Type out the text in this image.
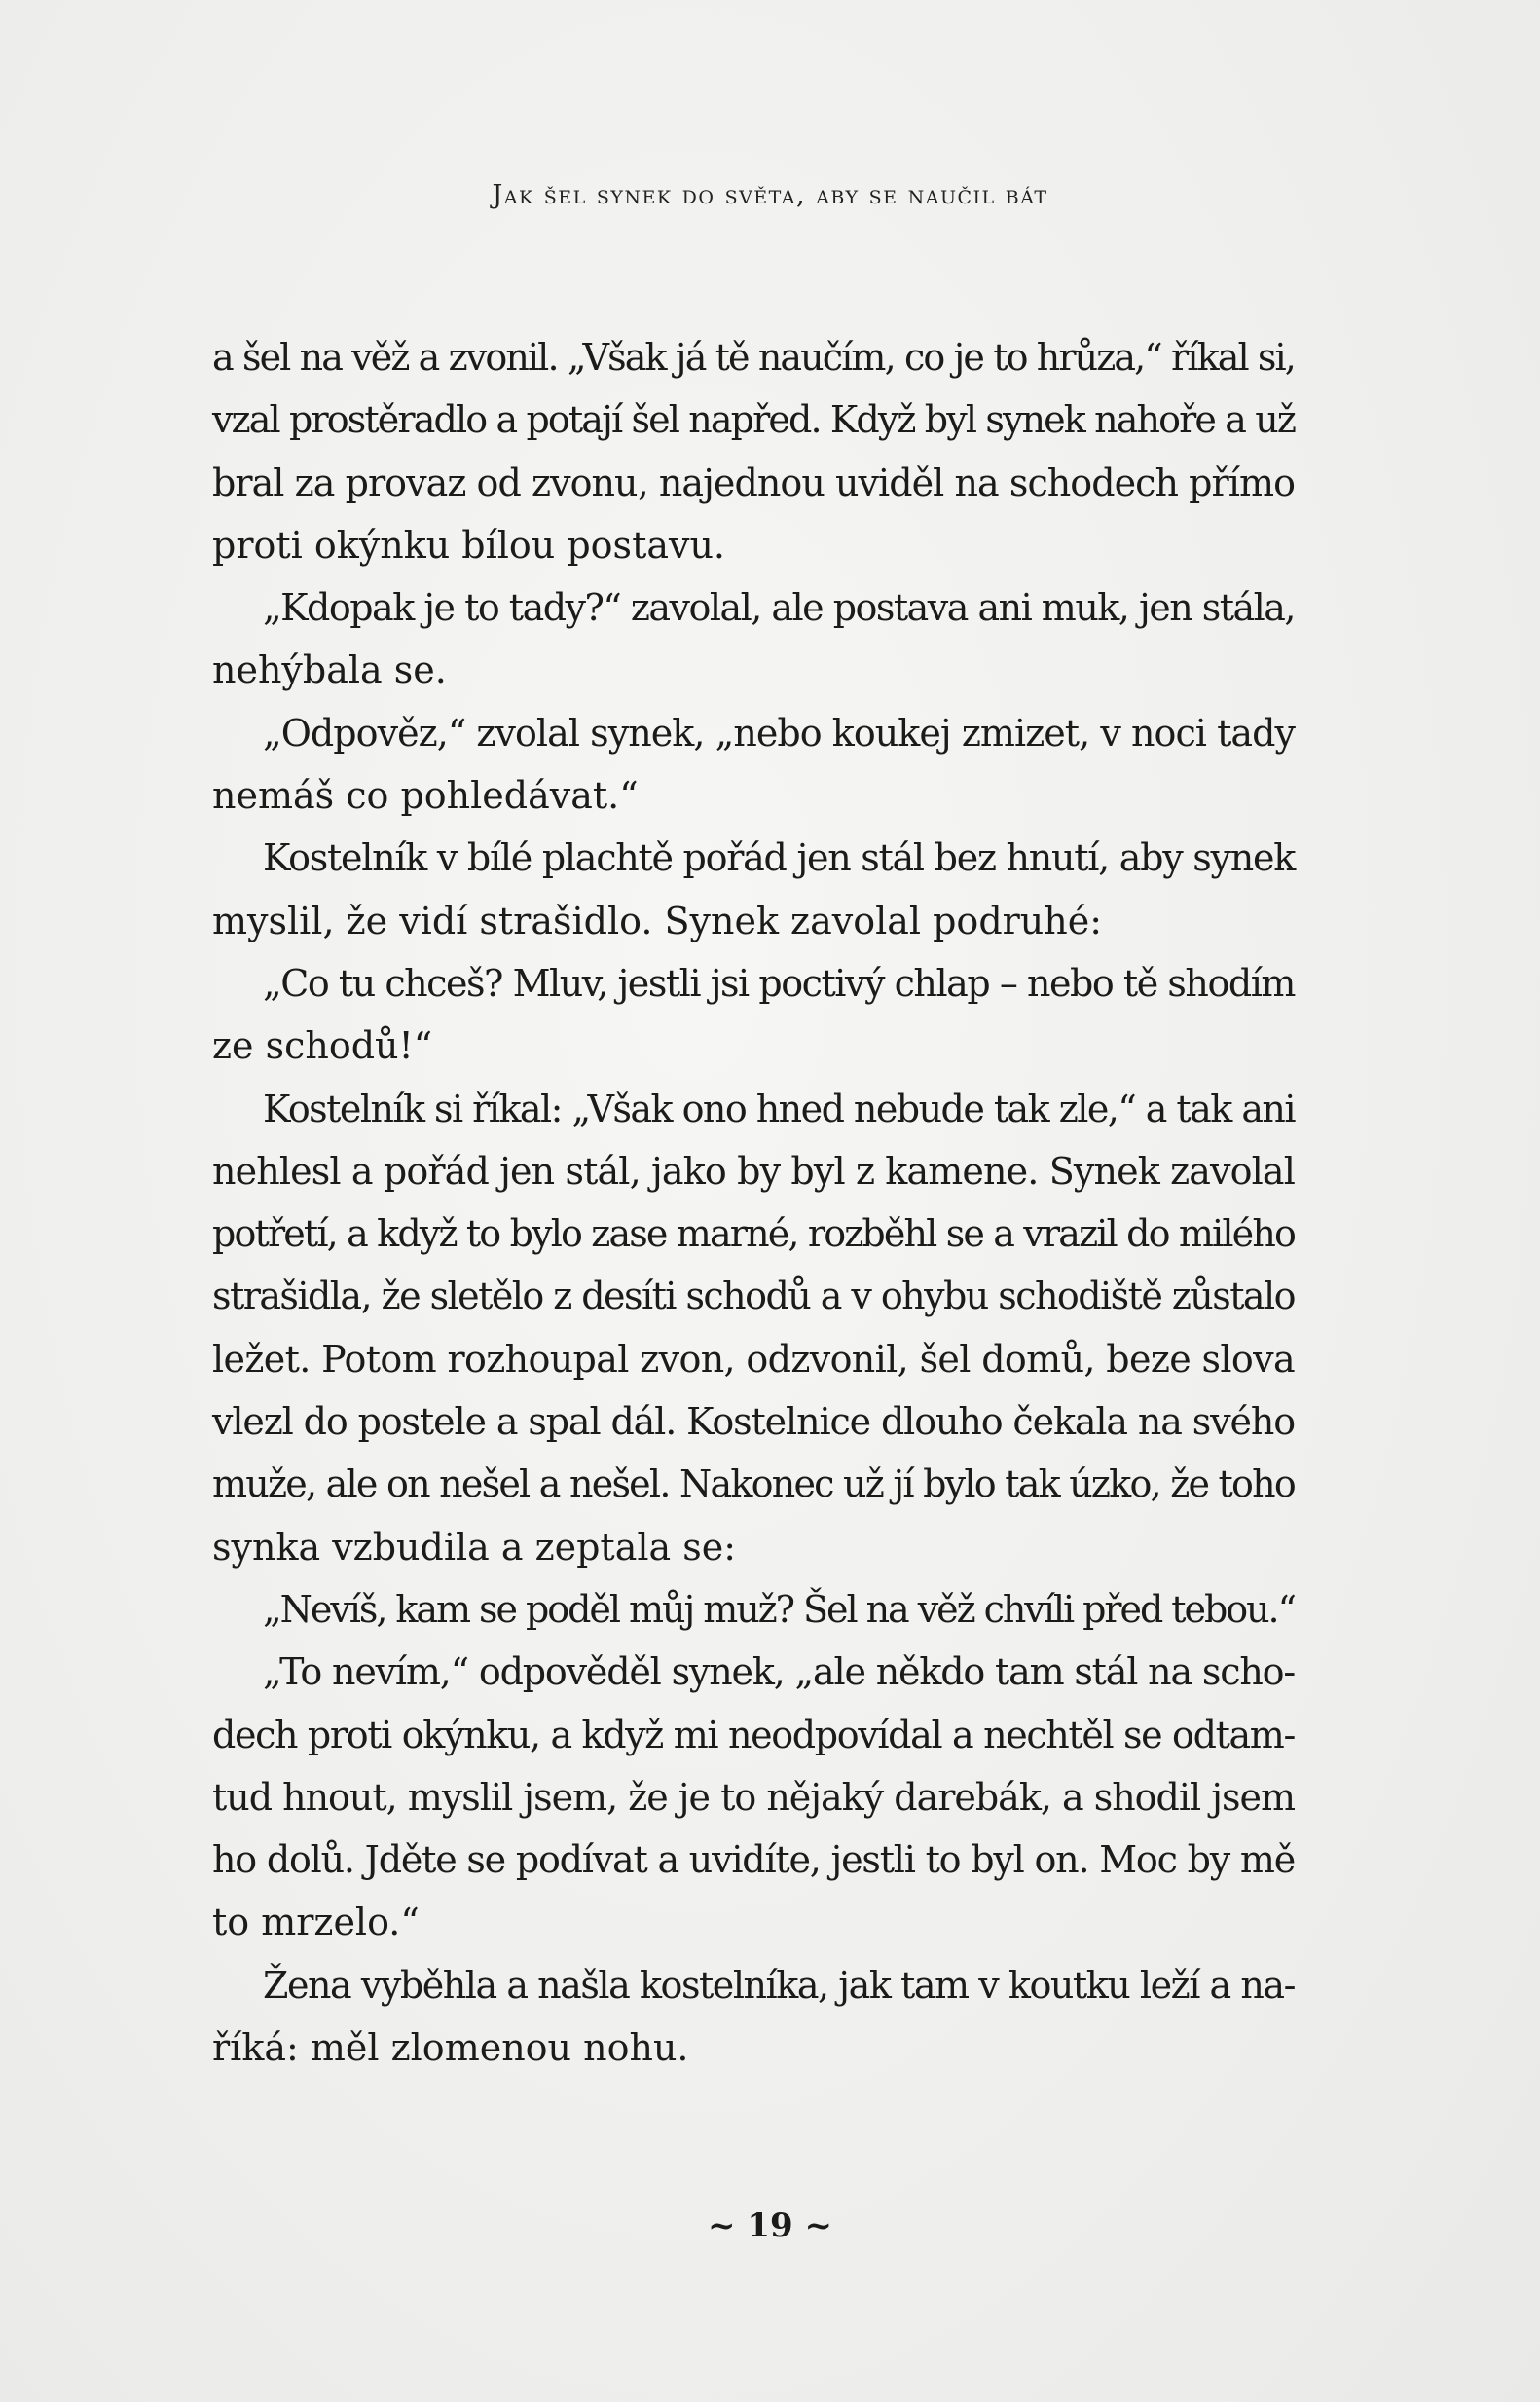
Jak šel synek do světa, aby se naučil bát

a šel na věž a zvonil. „Však já tě naučím, co je to hrůza,“ říkal si,
vzal prostěradlo a potají šel napřed. Když byl synek nahoře a už
bral za provaz od zvonu, najednou uviděl na schodech přímo
proti okýnku bílou postavu.

„Kdopak je to tady?“ zavolal, ale postava ani muk, jen stála,
nehýbala se.

„Odpověz,“ zvolal synek, „nebo koukej zmizet, v noci tady
nemáš co pohledávat.“

Kostelník v bílé plachtě pořád jen stál bez hnutí, aby synek
myslil, že vidí strašidlo. Synek zavolal podruhé:

„Co tu chceš? Mluv, jestli jsi poctivý chlap – nebo tě shodím
ze schodů!“

Kostelník si říkal: „Však ono hned nebude tak zle,“ a tak ani
nehlesl a pořád jen stál, jako by byl z kamene. Synek zavolal
potřetí, a když to bylo zase marné, rozběhl se a vrazil do milého
strašidla, že sletělo z desíti schodů a v ohybu schodiště zůstalo
ležet. Potom rozhoupal zvon, odzvonil, šel domů, beze slova
vlezl do postele a spal dál. Kostelnice dlouho čekala na svého
muže, ale on nešel a nešel. Nakonec už jí bylo tak úzko, že toho
synka vzbudila a zeptala se:

„Nevíš, kam se poděl můj muž? Šel na věž chvíli před tebou.“

„To nevím,“ odpověděl synek, „ale někdo tam stál na scho-
dech proti okýnku, a když mi neodpovídal a nechtěl se odtam-
tud hnout, myslil jsem, že je to nějaký darebák, a shodil jsem
ho dolů. Jděte se podívat a uvidíte, jestli to byl on. Moc by mě
to mrzelo.“

Žena vyběhla a našla kostelníka, jak tam v koutku leží a na-
říká: měl zlomenou nohu.

~ 19 ~
